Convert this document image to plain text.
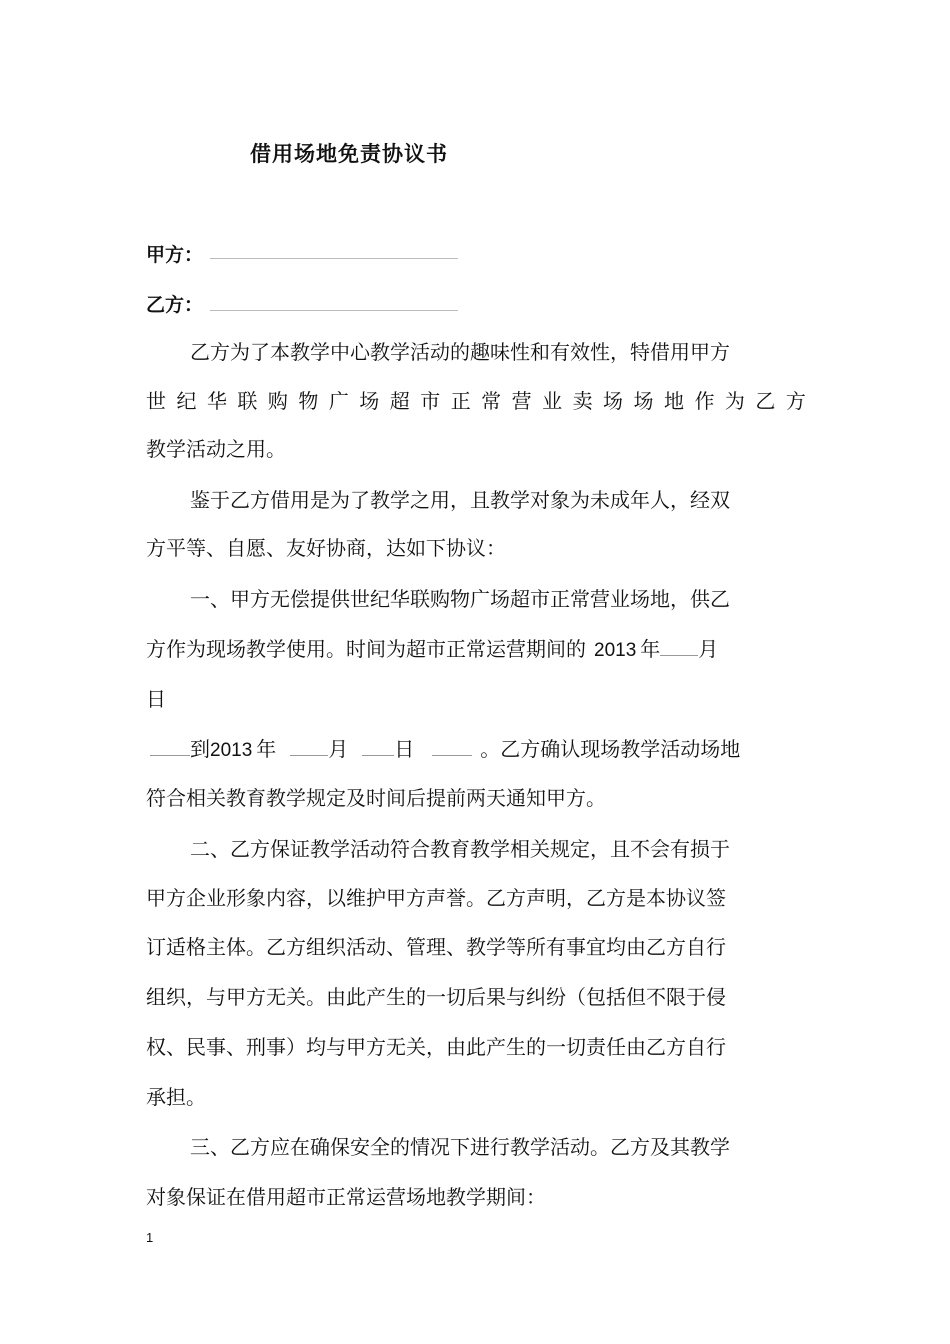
借用场地免责协议书
甲方：
乙方：
乙方为了本教学中心教学活动的趣味性和有效性，特借用甲方
世 纪 华 联 购 物 广 场 超 市 正 常 营 业 卖 场 场 地 作 为 乙 方
教学活动之用。
鉴于乙方借用是为了教学之用，且教学对象为未成年人，经双
方平等、自愿、友好协商，达如下协议：
一、甲方无偿提供世纪华联购物广场超市正常营业场地，供乙
方作为现场教学使用。时间为超市正常运营期间的 2013 年 月
日
到2013 年	月 日	。乙方确认现场教学活动场地
符合相关教育教学规定及时间后提前两天通知甲方。
二、乙方保证教学活动符合教育教学相关规定，且不会有损于
甲方企业形象内容，以维护甲方声誉。乙方声明，乙方是本协议签
订适格主体。乙方组织活动、管理、教学等所有事宜均由乙方自行
组织，与甲方无关。由此产生的一切后果与纠纷（包括但不限于侵
权、民事、刑事）均与甲方无关，由此产生的一切责任由乙方自行
承担。
三、乙方应在确保安全的情况下进行教学活动。乙方及其教学
对象保证在借用超市正常运营场地教学期间：
1
